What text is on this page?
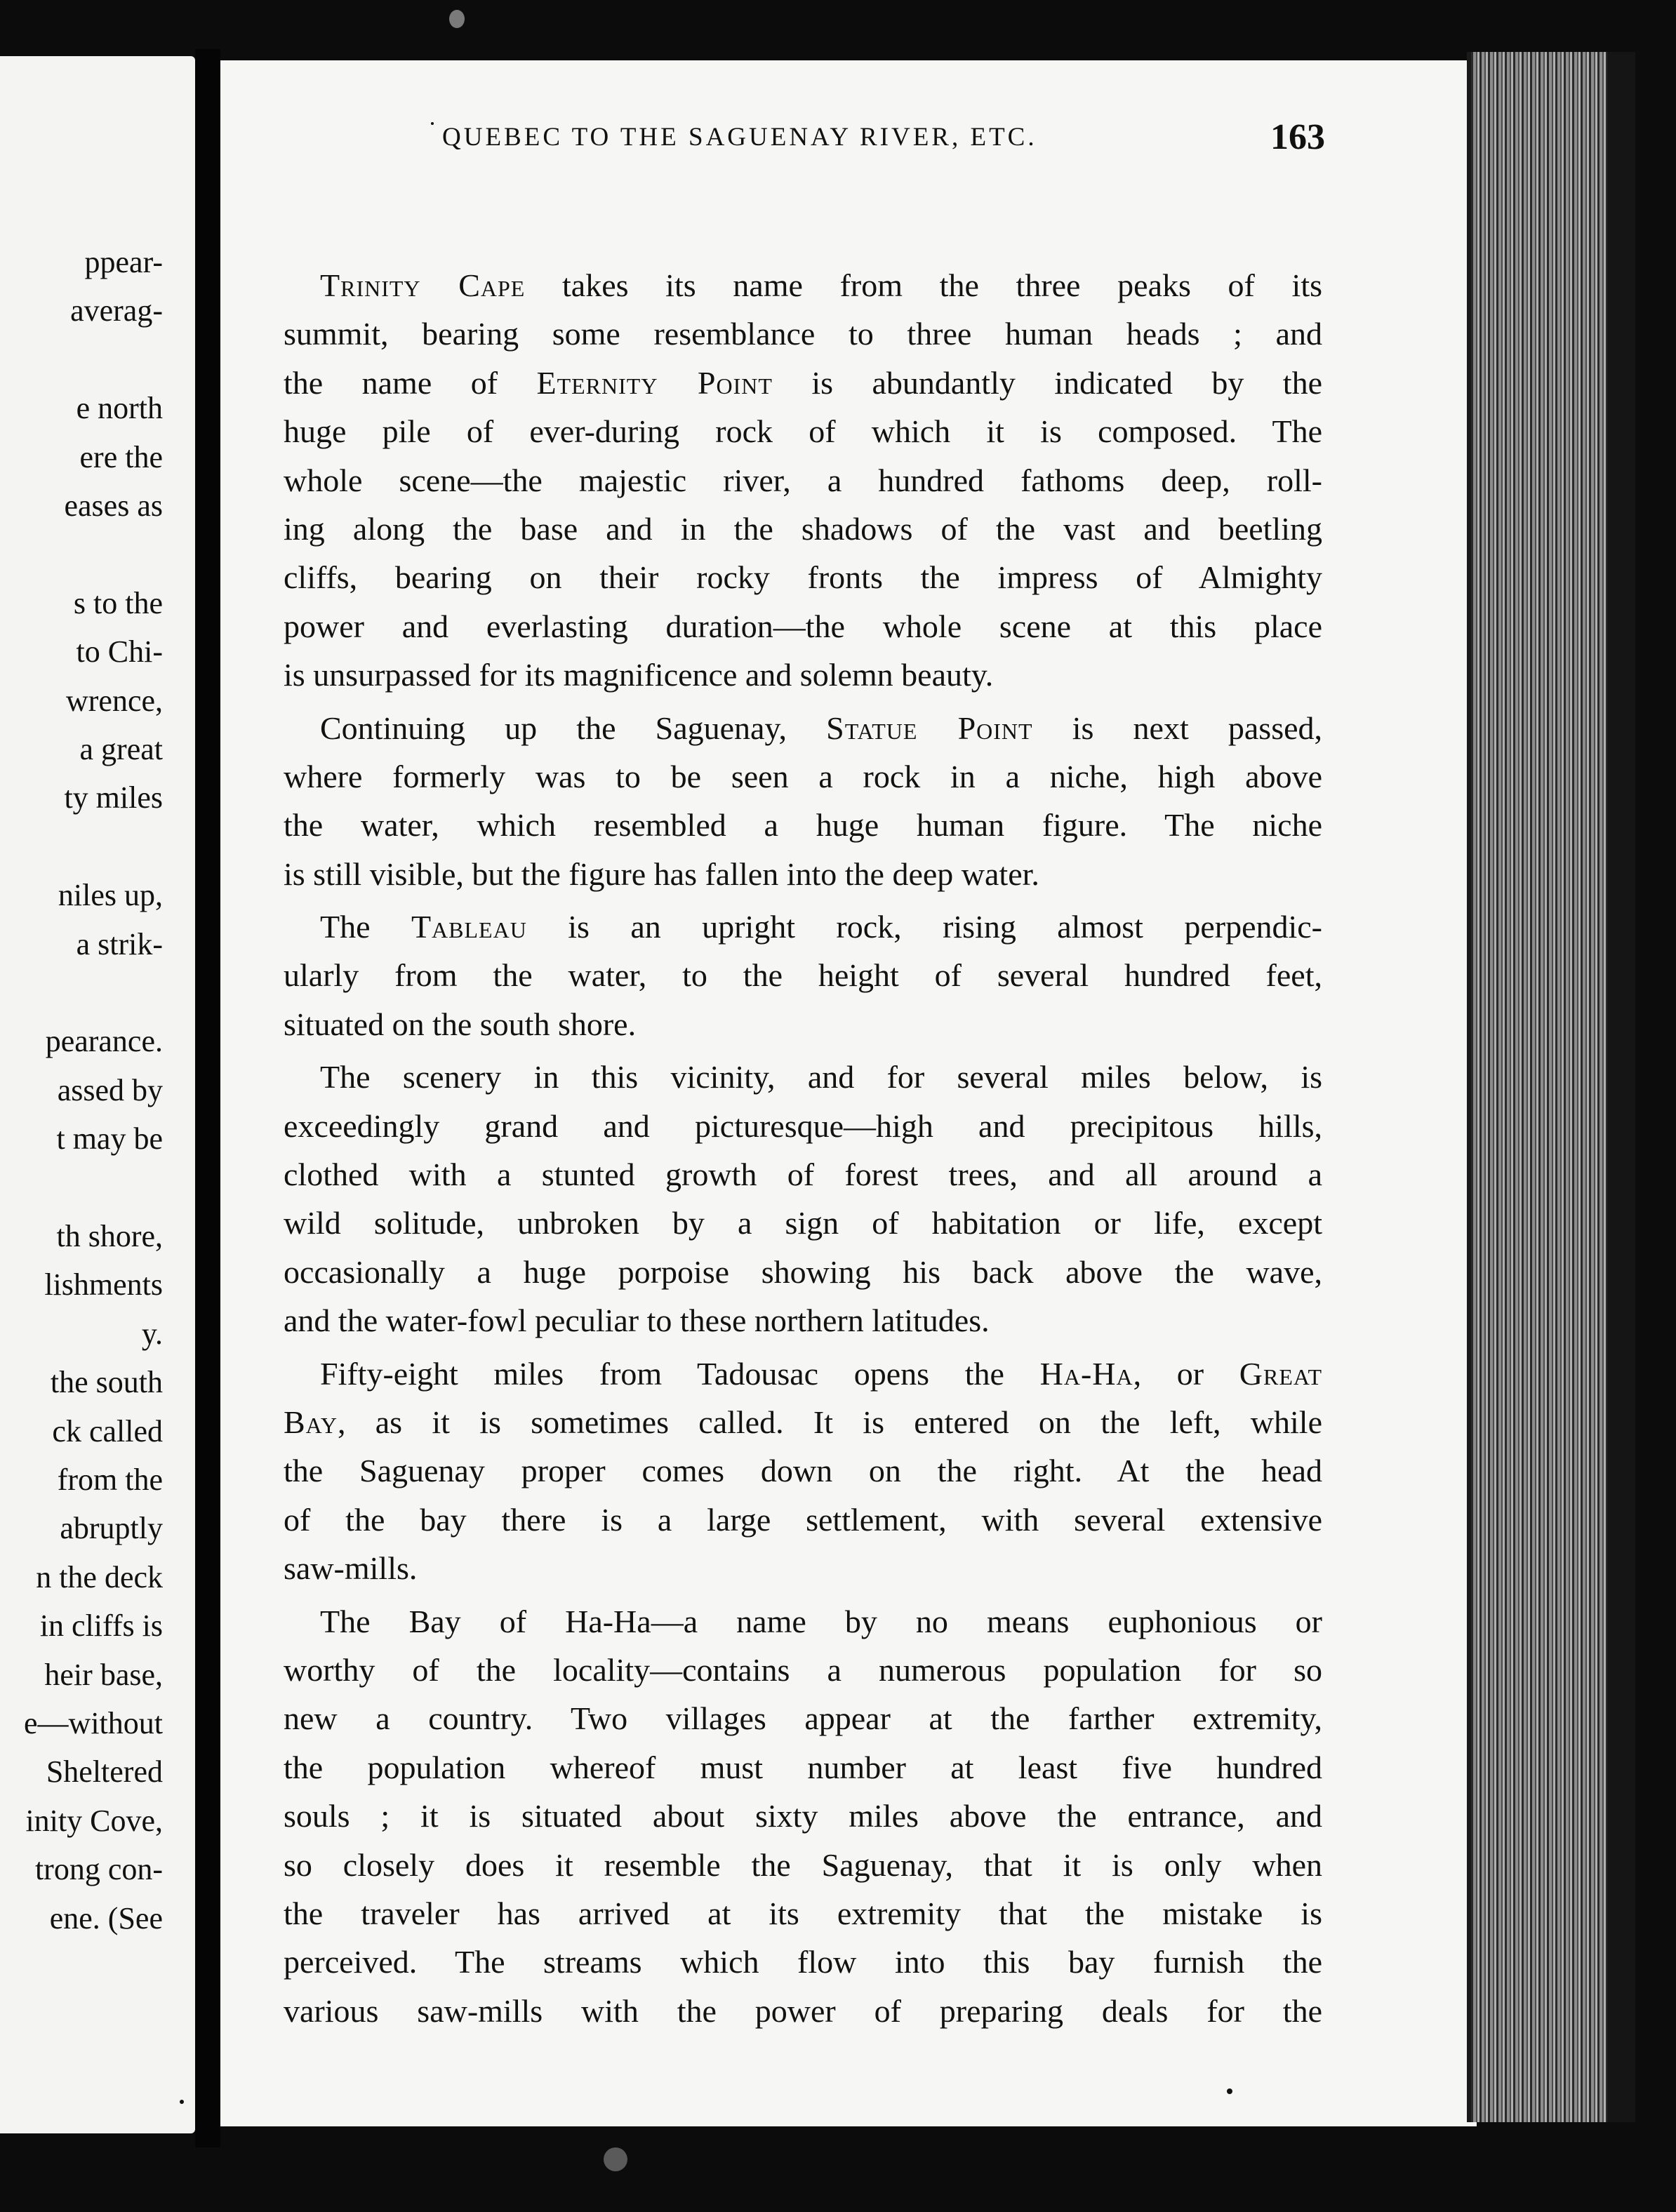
ppear-
averag-
e north
ere the
eases as
s to the
to Chi-
wrence,
a great
ty miles
niles up,
a strik-
pearance.
assed by
t may be
th shore,
lishments
y.
the south
ck called
from the
abruptly
n the deck
in cliffs is
heir base,
e—without
Sheltered
inity Cove,
trong con-
ene. (See
QUEBEC TO THE SAGUENAY RIVER, ETC.	163
Trinity Cape takes its name from the three peaks of its
summit, bearing some resemblance to three human heads ; and
the name of Eternity Point is abundantly indicated by the
huge pile of ever-during rock of which it is composed. The
whole scene—the majestic river, a hundred fathoms deep, roll-
ing along the base and in the shadows of the vast and beetling
cliffs, bearing on their rocky fronts the impress of Almighty
power and everlasting duration—the whole scene at this place
is unsurpassed for its magnificence and solemn beauty.
Continuing up the Saguenay, Statue Point is next passed,
where formerly was to be seen a rock in a niche, high above
the water, which resembled a huge human figure. The niche
is still visible, but the figure has fallen into the deep water.
The Tableau is an upright rock, rising almost perpendic-
ularly from the water, to the height of several hundred feet,
situated on the south shore.
The scenery in this vicinity, and for several miles below, is
exceedingly grand and picturesque—high and precipitous hills,
clothed with a stunted growth of forest trees, and all around a
wild solitude, unbroken by a sign of habitation or life, except
occasionally a huge porpoise showing his back above the wave,
and the water-fowl peculiar to these northern latitudes.
Fifty-eight miles from Tadousac opens the Ha-Ha, or Great
Bay, as it is sometimes called. It is entered on the left, while
the Saguenay proper comes down on the right. At the head
of the bay there is a large settlement, with several extensive
saw-mills.
The Bay of Ha-Ha—a name by no means euphonious or
worthy of the locality—contains a numerous population for so
new a country. Two villages appear at the farther extremity,
the population whereof must number at least five hundred
souls ; it is situated about sixty miles above the entrance, and
so closely does it resemble the Saguenay, that it is only when
the traveler has arrived at its extremity that the mistake is
perceived. The streams which flow into this bay furnish the
various saw-mills with the power of preparing deals for the
